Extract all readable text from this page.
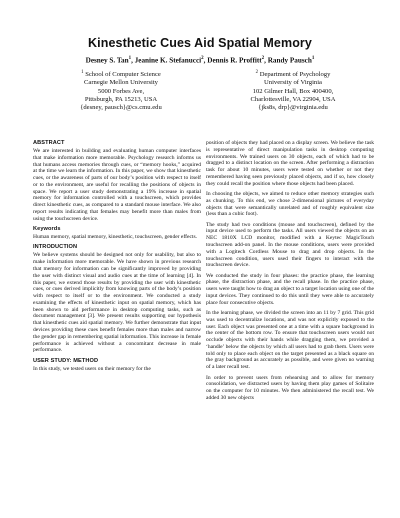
Kinesthetic Cues Aid Spatial Memory
Desney S. Tan$^1$, Jeanine K. Stefanucci$^2$, Dennis R. Proffitt$^2$, Randy Pausch$^1$
$^1$ School of Computer Science
Carnegie Mellon University
5000 Forbes Ave,
Pittsburgh, PA 15213, USA
{desney, pausch}@cs.cmu.edu
$^2$ Department of Psychology
University of Virginia
102 Gilmer Hall, Box 400400,
Charlottesville, VA 22904, USA
{jks8s, drp}@virginia.edu
ABSTRACT

We are interested in building and evaluating human computer interfaces that make information more memorable. Psychology research informs us that humans access memories through cues, or “memory hooks,” acquired at the time we learn the information. In this paper, we show that kinesthetic cues, or the awareness of parts of our body’s position with respect to itself or to the environment, are useful for recalling the positions of objects in space. We report a user study demonstrating a 19% increase in spatial memory for information controlled with a touchscreen, which provides direct kinesthetic cues, as compared to a standard mouse interface. We also report results indicating that females may benefit more than males from using the touchscreen device.

Keywords

Human memory, spatial memory, kinesthetic, touchscreen, gender effects.

INTRODUCTION

We believe systems should be designed not only for usability, but also to make information more memorable. We have shown in previous research that memory for information can be significantly improved by providing the user with distinct visual and audio cues at the time of learning [4]. In this paper, we extend those results by providing the user with kinesthetic cues, or cues derived implicitly from knowing parts of the body’s position with respect to itself or to the environment. We conducted a study examining the effects of kinesthetic input on spatial memory, which has been shown to aid performance in desktop computing tasks, such as document management [3]. We present results supporting our hypothesis that kinesthetic cues aid spatial memory. We further demonstrate that input devices providing these cues benefit females more than males and narrow the gender gap in remembering spatial information. This increase in female performance is achieved without a concomitant decrease in male performance.

USER STUDY: METHOD

In this study, we tested users on their memory for the

position of objects they had placed on a display screen. We believe the task is representative of direct manipulation tasks in desktop computing environments. We trained users on 30 objects, each of which had to be dragged to a distinct location on the screen. After performing a distraction task for about 10 minutes, users were tested on whether or not they remembered having seen previously placed objects, and if so, how closely they could recall the position where those objects had been placed.

In choosing the objects, we aimed to reduce other memory strategies such as chunking. To this end, we chose 2-dimensional pictures of everyday objects that were semantically unrelated and of roughly equivalent size (less than a cubic foot).

The study had two conditions (mouse and touchscreen), defined by the input device used to perform the tasks. All users viewed the objects on an NEC 1810X LCD monitor, modified with a Keytec MagicTouch touchscreen add-on panel. In the mouse conditions, users were provided with a Logitech Cordless Mouse to drag and drop objects. In the touchscreen condition, users used their fingers to interact with the touchscreen device.

We conducted the study in four phases: the practice phase, the learning phase, the distraction phase, and the recall phase. In the practice phase, users were taught how to drag an object to a target location using one of the input devices. They continued to do this until they were able to accurately place four consecutive objects.

In the learning phase, we divided the screen into an 11 by 7 grid. This grid was used to decentralize locations, and was not explicitly exposed to the user. Each object was presented one at a time with a square background in the center of the bottom row. To ensure that touchscreen users would not occlude objects with their hands while dragging them, we provided a ‘handle’ below the objects by which all users had to grab them. Users were told only to place each object on the target presented as a black square on the gray background as accurately as possible, and were given no warning of a later recall test.

In order to prevent users from rehearsing and to allow for memory consolidation, we distracted users by having them play games of Solitaire on the computer for 10 minutes. We then administered the recall test. We added 30 new objects
